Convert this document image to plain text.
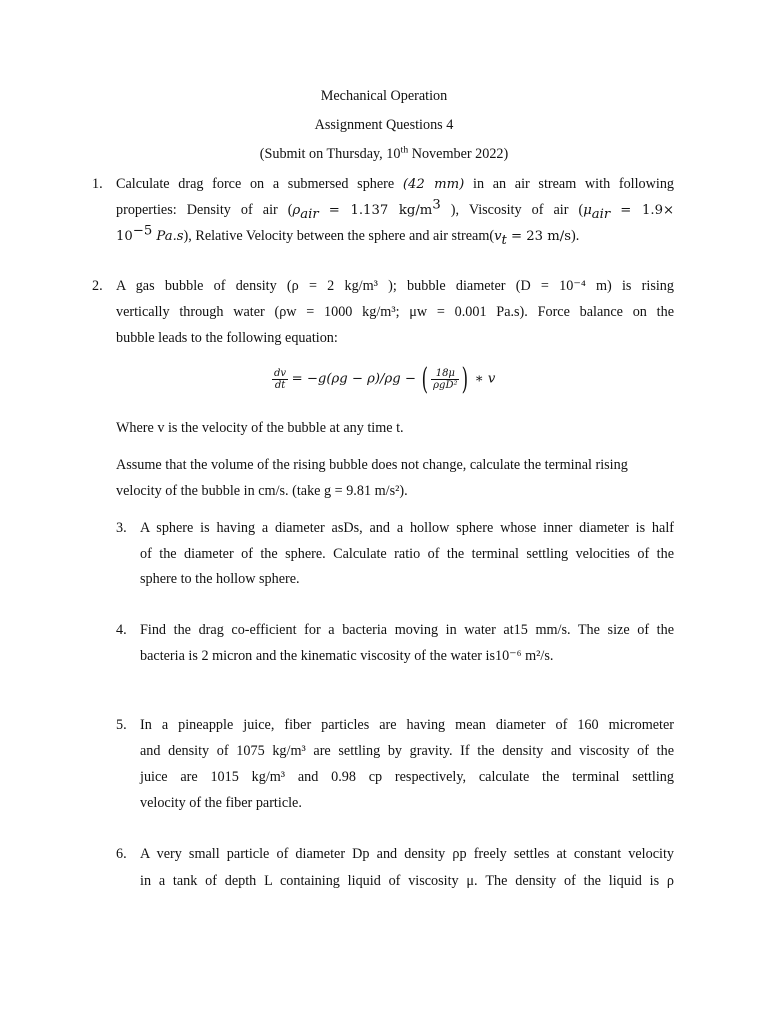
Mechanical Operation
Assignment Questions 4
(Submit on Thursday, 10th November 2022)
1. Calculate drag force on a submersed sphere (42 mm) in an air stream with following
properties: Density of air ($\rho_{air} = 1.137$ $kg/m^3$ ), Viscosity of air ($\mu_{air} = 1.9\times$
$10^{-5}$ Pa.s), Relative Velocity between the sphere and air $stream(v_t = 23$ m/s).
2. A gas bubble of density (ρ = 2 kg/m³ ); bubble diameter (D = 10⁻⁴ m) is rising
vertically through water (ρw = 1000 kg/m³; μw = 0.001 Pa.s). Force balance on the
bubble leads to the following equation:
$\frac{dv}{dt} = -g(\rho g - \rho)/\rho g$ − ( $\frac{18\mu}{\text{ρgD²}}$ ) ∗ v
Where v is the velocity of the bubble at any time t.
Assume that the volume of the rising bubble does not change, calculate the terminal rising
velocity of the bubble in cm/s. (take g = 9.81 m/s²).
3. A sphere is having a diameter asDs, and a hollow sphere whose inner diameter is half
of the diameter of the sphere. Calculate ratio of the terminal settling velocities of the
sphere to the hollow sphere.
4. Find the drag co-efficient for a bacteria moving in water at15 mm/s. The size of the
bacteria is 2 micron and the kinematic viscosity of the water is10⁻⁶ m²/s.
5. In a pineapple juice, fiber particles are having mean diameter of 160 micrometer
and density of 1075 kg/m³ are settling by gravity. If the density and viscosity of the
juice are 1015 kg/m³ and 0.98 cp respectively, calculate the terminal settling
velocity of the fiber particle.
6. A very small particle of diameter Dp and density ρp freely settles at constant velocity
in a tank of depth L containing liquid of viscosity μ. The density of the liquid is ρ
